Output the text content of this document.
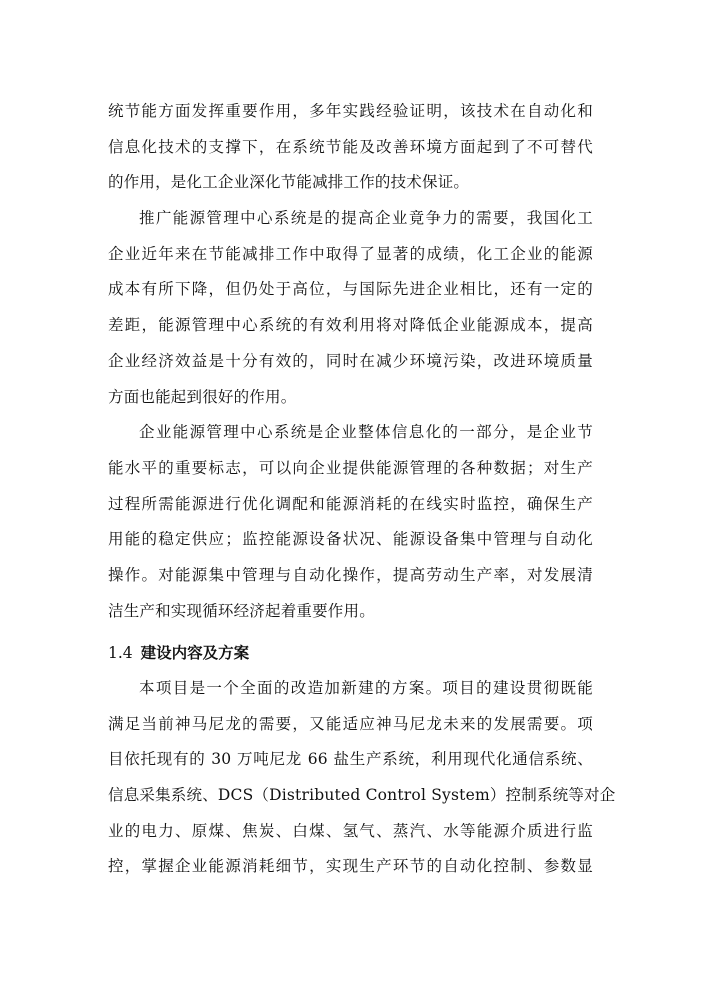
统节能方面发挥重要作用，多年实践经验证明，该技术在自动化和
信息化技术的支撑下，在系统节能及改善环境方面起到了不可替代
的作用，是化工企业深化节能减排工作的技术保证。
推广能源管理中心系统是的提高企业竟争力的需要，我国化工
企业近年来在节能减排工作中取得了显著的成绩，化工企业的能源
成本有所下降，但仍处于高位，与国际先进企业相比，还有一定的
差距，能源管理中心系统的有效利用将对降低企业能源成本，提高
企业经济效益是十分有效的，同时在减少环境污染，改进环境质量
方面也能起到很好的作用。
企业能源管理中心系统是企业整体信息化的一部分，是企业节
能水平的重要标志，可以向企业提供能源管理的各种数据；对生产
过程所需能源进行优化调配和能源消耗的在线实时监控，确保生产
用能的稳定供应；监控能源设备状况、能源设备集中管理与自动化
操作。对能源集中管理与自动化操作，提高劳动生产率，对发展清
洁生产和实现循环经济起着重要作用。
1.4 建设内容及方案
本项目是一个全面的改造加新建的方案。项目的建设贯彻既能
满足当前神马尼龙的需要，又能适应神马尼龙未来的发展需要。项
目依托现有的 30 万吨尼龙 66 盐生产系统，利用现代化通信系统、
信息采集系统、DCS（Distributed Control System）控制系统等对企
业的电力、原煤、焦炭、白煤、氢气、蒸汽、水等能源介质进行监
控，掌握企业能源消耗细节，实现生产环节的自动化控制、参数显
